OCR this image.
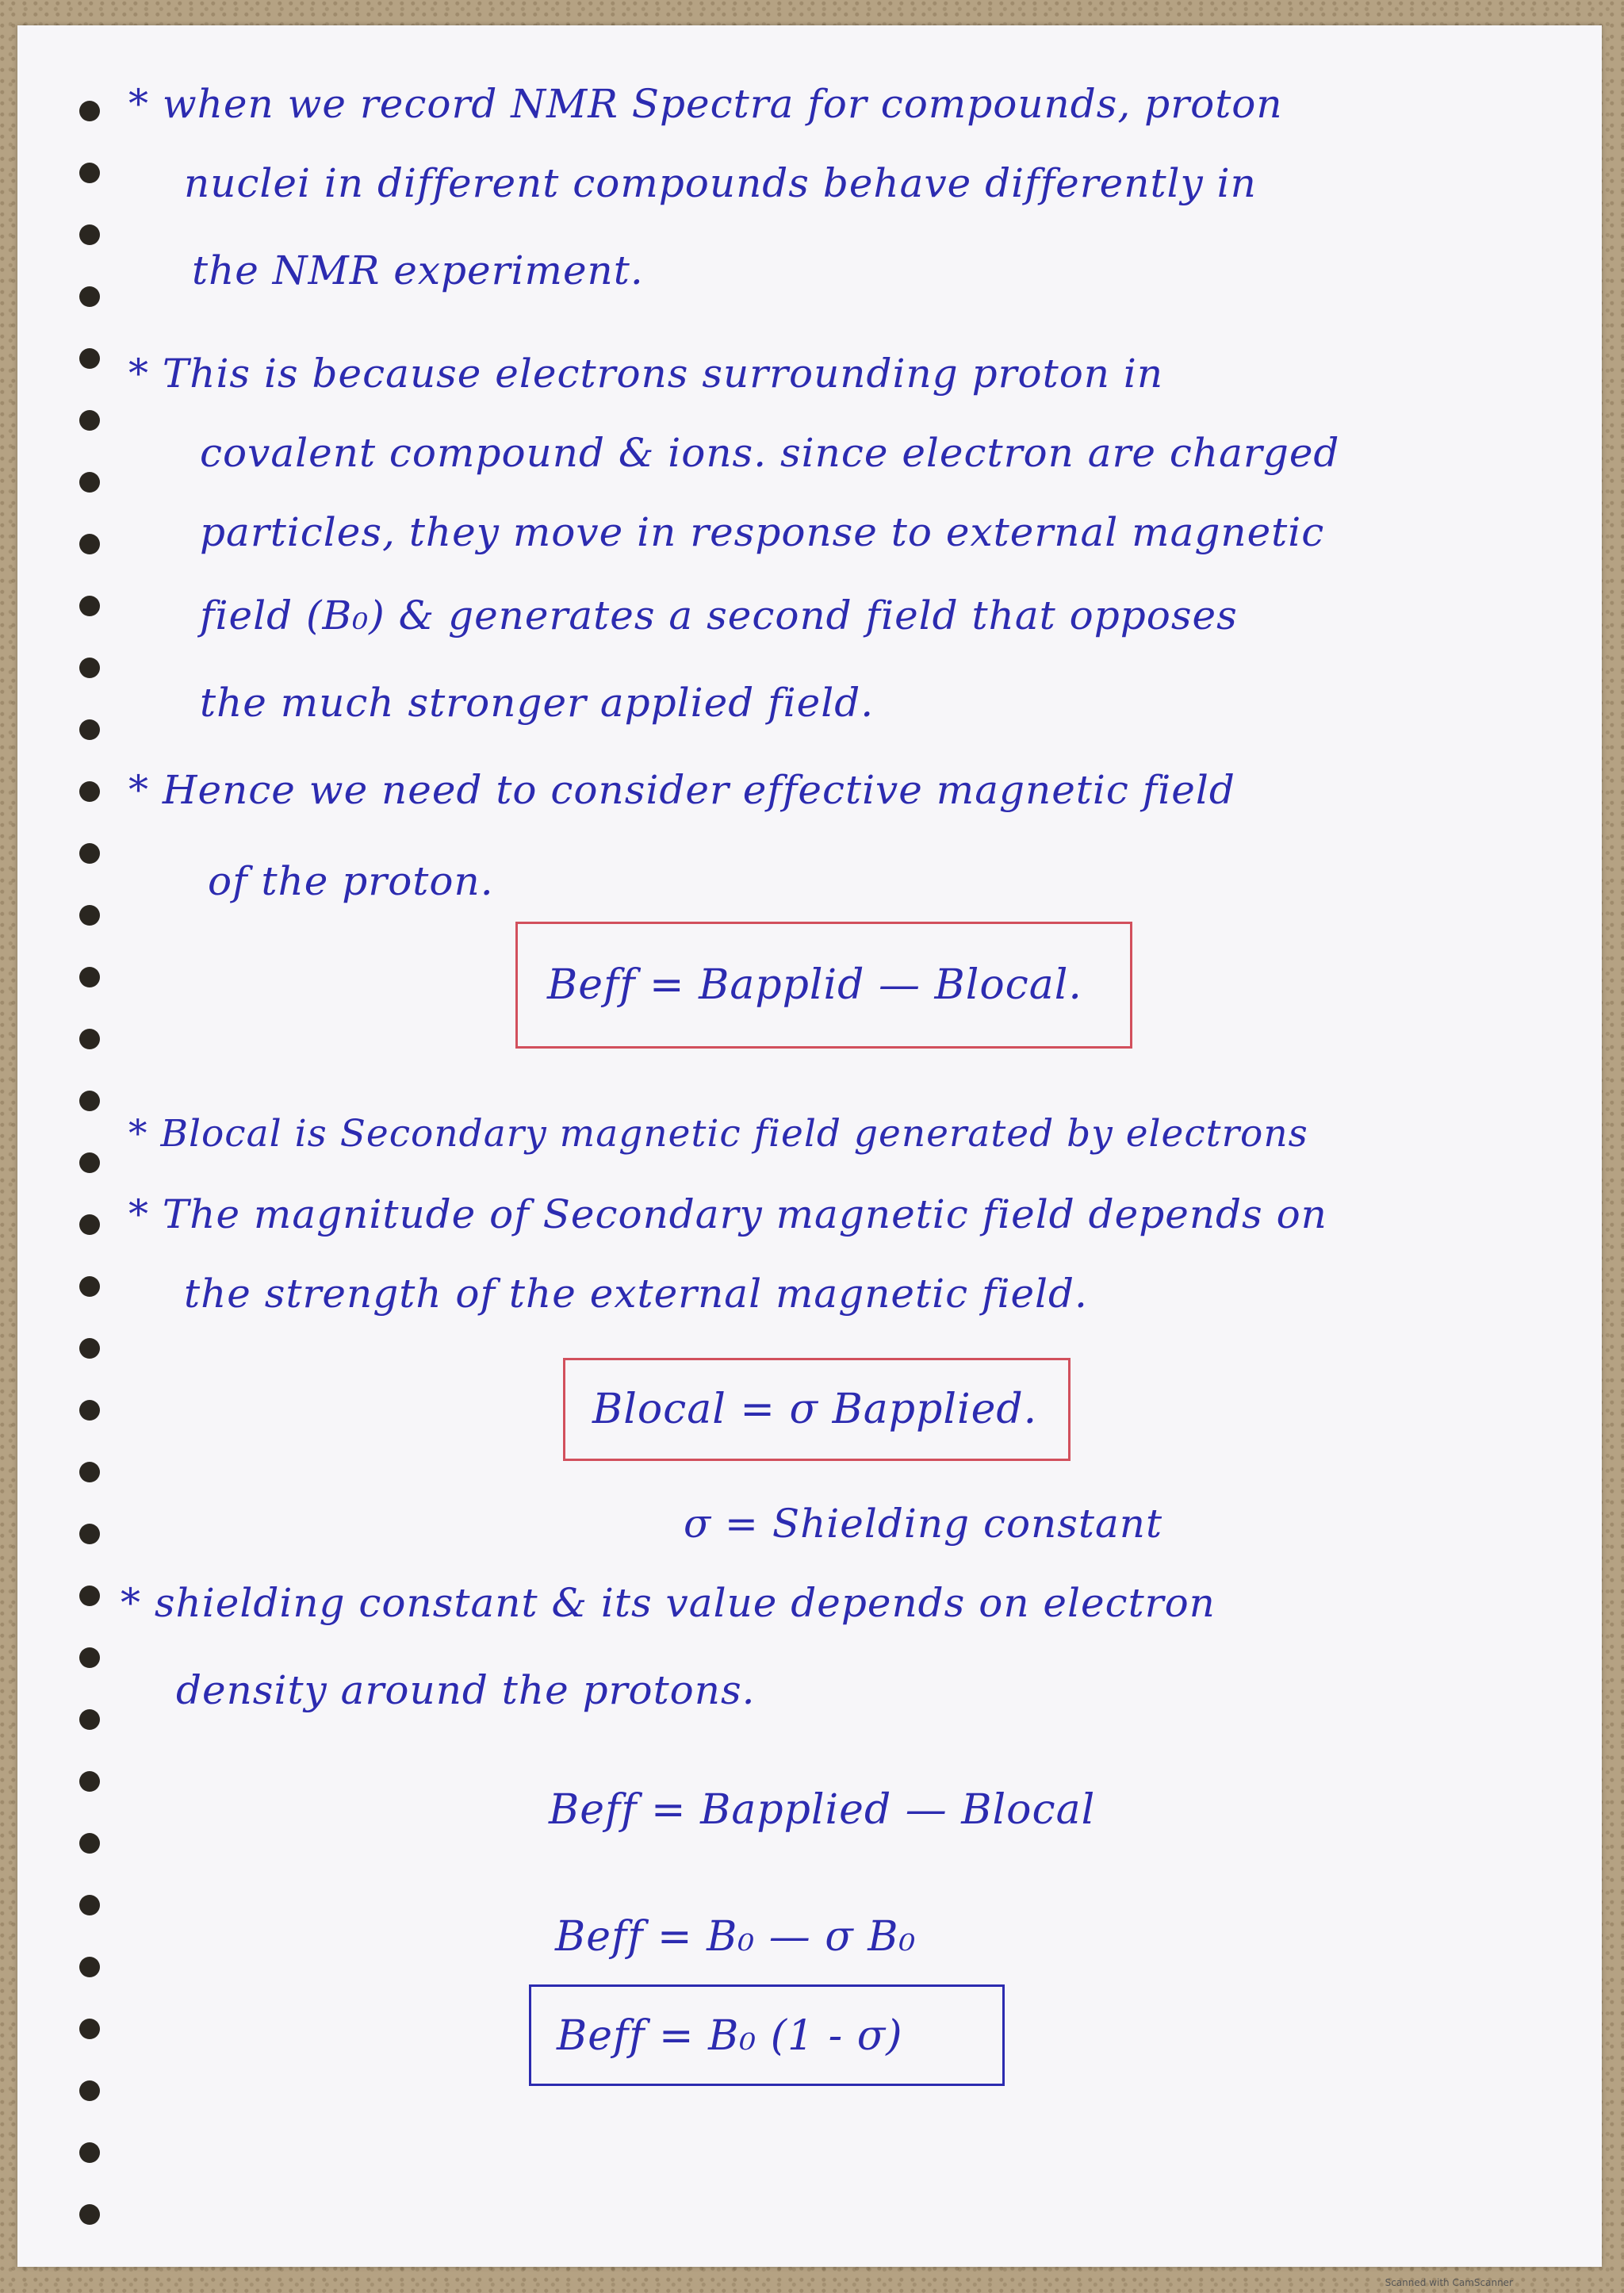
* when we record NMR Spectra for compounds, proton

nuclei in different compounds behave differently in

the NMR experiment.

* This is because electrons surrounding proton in

covalent compound & ions. since electron are charged

particles, they move in response to external magnetic

field (B₀) & generates a second field that opposes

the much stronger applied field.

* Hence we need to consider effective magnetic field

of the proton.

Beff = Bapplid — Blocal.

* Blocal is Secondary magnetic field generated by electrons

* The magnitude of Secondary magnetic field depends on

the strength of the external magnetic field.

Blocal = σ Bapplied.

σ = Shielding constant

* shielding constant & its value depends on electron

density around the protons.

Beff = Bapplied — Blocal

Beff = B₀ — σ B₀

Beff = B₀ (1 - σ)

Scanned with CamScanner
